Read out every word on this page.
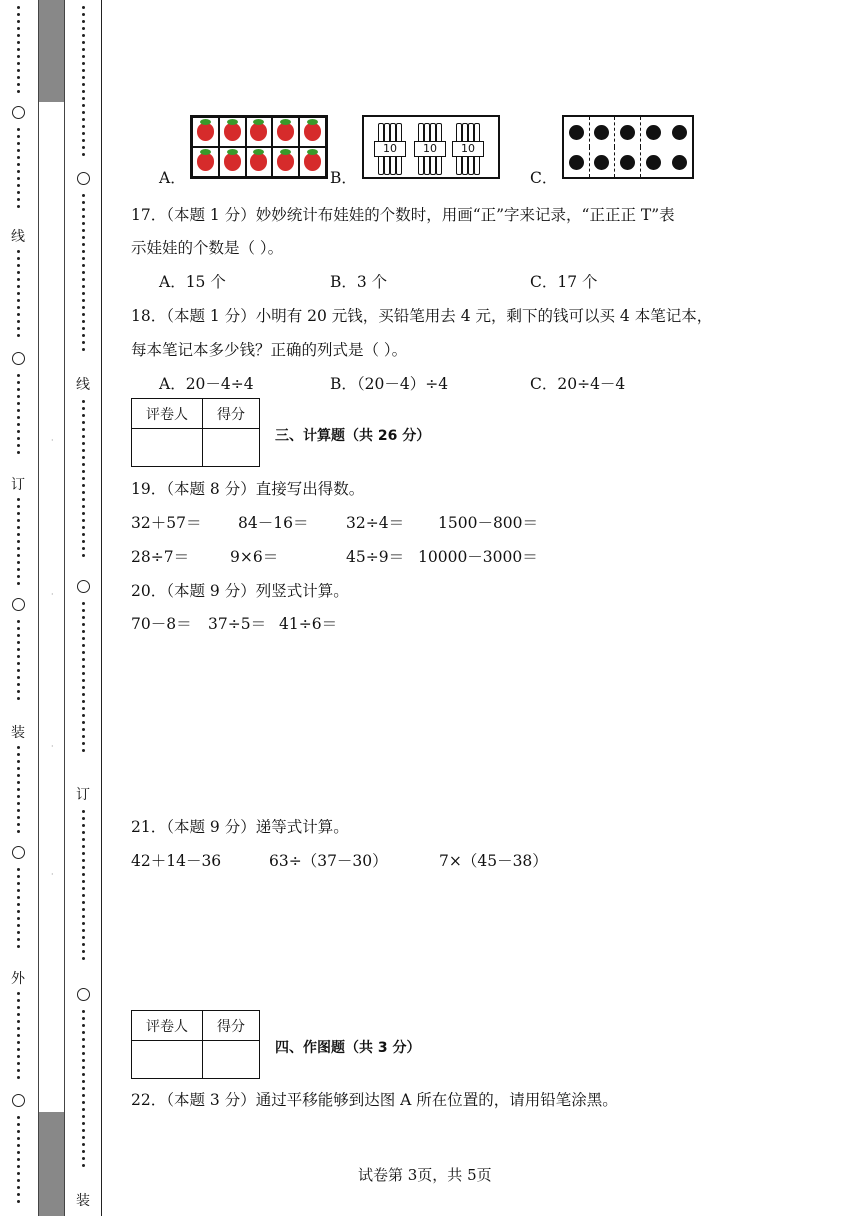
线
订
装
外
·
·
·
·
线
订
装
A．	B．
10	10	10
C．
17．（本题 1 分）妙妙统计布娃娃的个数时，用画“正”字来记录，“正正正 T”表
示娃娃的个数是（ ）。
A．15 个	B．3 个	C．17 个
18．（本题 1 分）小明有 20 元钱，买铅笔用去 4 元，剩下的钱可以买 4 本笔记本，
每本笔记本多少钱？正确的列式是（ ）。
A．20－4÷4	B．（20－4）÷4	C．20÷4－4
评卷人	得分

三、计算题（共 26 分）
19．（本题 8 分）直接写出得数。
32＋57＝ 84－16＝ 32÷4＝ 1500－800＝
28÷7＝	9×6＝	45÷9＝ 10000－3000＝
20．（本题 9 分）列竖式计算。
70－8＝ 37÷5＝ 41÷6＝
21．（本题 9 分）递等式计算。
42＋14－36	63÷（37－30）	7×（45－38）
评卷人	得分

四、作图题（共 3 分）
22．（本题 3 分）通过平移能够到达图 A 所在位置的，请用铅笔涂黑。
试卷第 3页，共 5页
